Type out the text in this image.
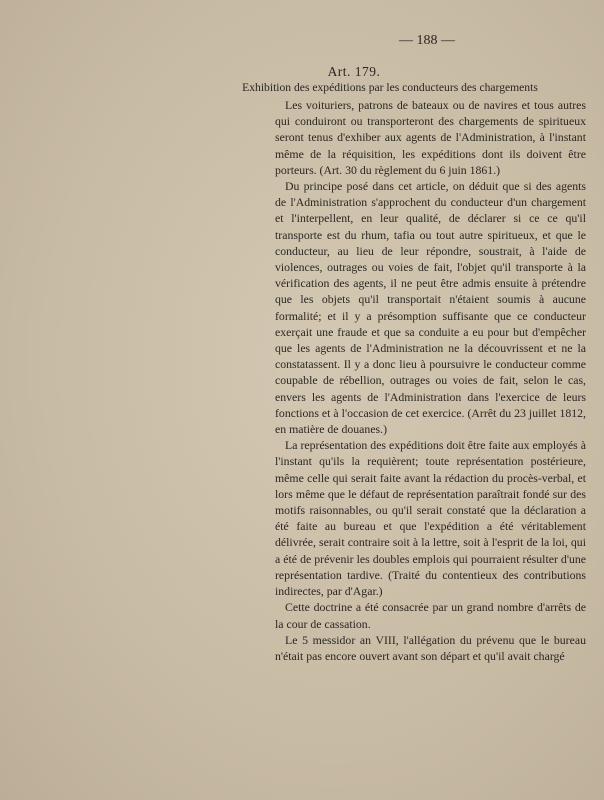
— 188 —
Art. 179.
Exhibition des expéditions par les conducteurs des chargements

Les voituriers, patrons de bateaux ou de navires et tous autres qui conduiront ou transporteront des chargements de spiritueux seront tenus d'exhiber aux agents de l'Administration, à l'instant même de la réquisition, les expéditions dont ils doivent être porteurs. (Art. 30 du règlement du 6 juin 1861.)

Du principe posé dans cet article, on déduit que si des agents de l'Administration s'approchent du conducteur d'un chargement et l'interpellent, en leur qualité, de déclarer si ce ce qu'il transporte est du rhum, tafia ou tout autre spiritueux, et que le conducteur, au lieu de leur répondre, soustrait, à l'aide de violences, outrages ou voies de fait, l'objet qu'il transporte à la vérification des agents, il ne peut être admis ensuite à prétendre que les objets qu'il transportait n'étaient soumis à aucune formalité; et il y a présomption suffisante que ce conducteur exerçait une fraude et que sa conduite a eu pour but d'empêcher que les agents de l'Administration ne la découvrissent et ne la constatassent. Il y a donc lieu à poursuivre le conducteur comme coupable de rébellion, outrages ou voies de fait, selon le cas, envers les agents de l'Administration dans l'exercice de leurs fonctions et à l'occasion de cet exercice. (Arrêt du 23 juillet 1812, en matière de douanes.)

La représentation des expéditions doit être faite aux employés à l'instant qu'ils la requièrent; toute représentation postérieure, même celle qui serait faite avant la rédaction du procès-verbal, et lors même que le défaut de représentation paraîtrait fondé sur des motifs raisonnables, ou qu'il serait constaté que la déclaration a été faite au bureau et que l'expédition a été véritablement délivrée, serait contraire soit à la lettre, soit à l'esprit de la loi, qui a été de prévenir les doubles emplois qui pourraient résulter d'une représentation tardive. (Traité du contentieux des contributions indirectes, par d'Agar.)

Cette doctrine a été consacrée par un grand nombre d'arrêts de la cour de cassation.

Le 5 messidor an VIII, l'allégation du prévenu que le bureau n'était pas encore ouvert avant son départ et qu'il avait chargé
